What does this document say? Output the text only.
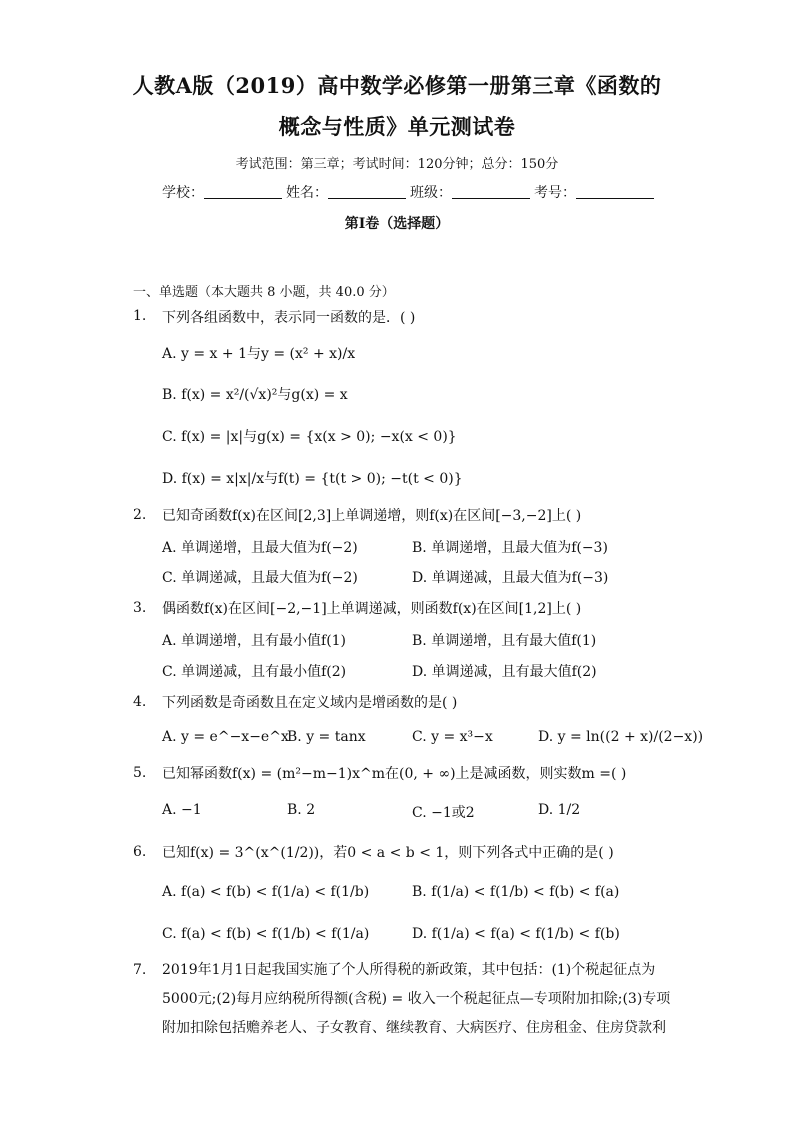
人教A版（2019）高中数学必修第一册第三章《函数的
概念与性质》单元测试卷
考试范围：第三章；考试时间：120分钟；总分：150分
学校：	姓名：	班级：	考号：
第I卷（选择题）
一、单选题（本大题共 8 小题，共 40.0 分）
1. 下列各组函数中，表示同一函数的是．( )
A. y = x + 1与y = (x² + x)/x
B. f(x) = x²/(√x)²与g(x) = x
C. f(x) = |x|与g(x) = {x(x > 0); −x(x < 0)}
D. f(x) = x|x|/x与f(t) = {t(t > 0); −t(t < 0)}
2. 已知奇函数f(x)在区间[2,3]上单调递增，则f(x)在区间[−3,−2]上( )
A. 单调递增，且最大值为f(−2)	B. 单调递增，且最大值为f(−3)
C. 单调递减，且最大值为f(−2)	D. 单调递减，且最大值为f(−3)
3. 偶函数f(x)在区间[−2,−1]上单调递减，则函数f(x)在区间[1,2]上( )
A. 单调递增，且有最小值f(1)	B. 单调递增，且有最大值f(1)
C. 单调递减，且有最小值f(2)	D. 单调递减，且有最大值f(2)
4. 下列函数是奇函数且在定义域内是增函数的是( )
A. y = e^−x−e^x
B. y = tanx	C. y = x³−x	D. y = ln((2 + x)/(2−x))
5. 已知幂函数f(x) = (m²−m−1)x^m在(0, + ∞)上是减函数，则实数m =( )
A. −1	B. 2	C. −1或2	D. 1/2
6. 已知f(x) = 3^(x^(1/2))，若0 < a < b < 1，则下列各式中正确的是( )
A. f(a) < f(b) < f(1/a) < f(1/b)	B. f(1/a) < f(1/b) < f(b) < f(a)
C. f(a) < f(b) < f(1/b) < f(1/a)	D. f(1/a) < f(a) < f(1/b) < f(b)
7. 2019年1月1日起我国实施了个人所得税的新政策，其中包括：(1)个税起征点为
5000元;(2)每月应纳税所得额(含税) = 收入一个税起征点—专项附加扣除;(3)专项
附加扣除包括赡养老人、子女教育、继续教育、大病医疗、住房租金、住房贷款利
